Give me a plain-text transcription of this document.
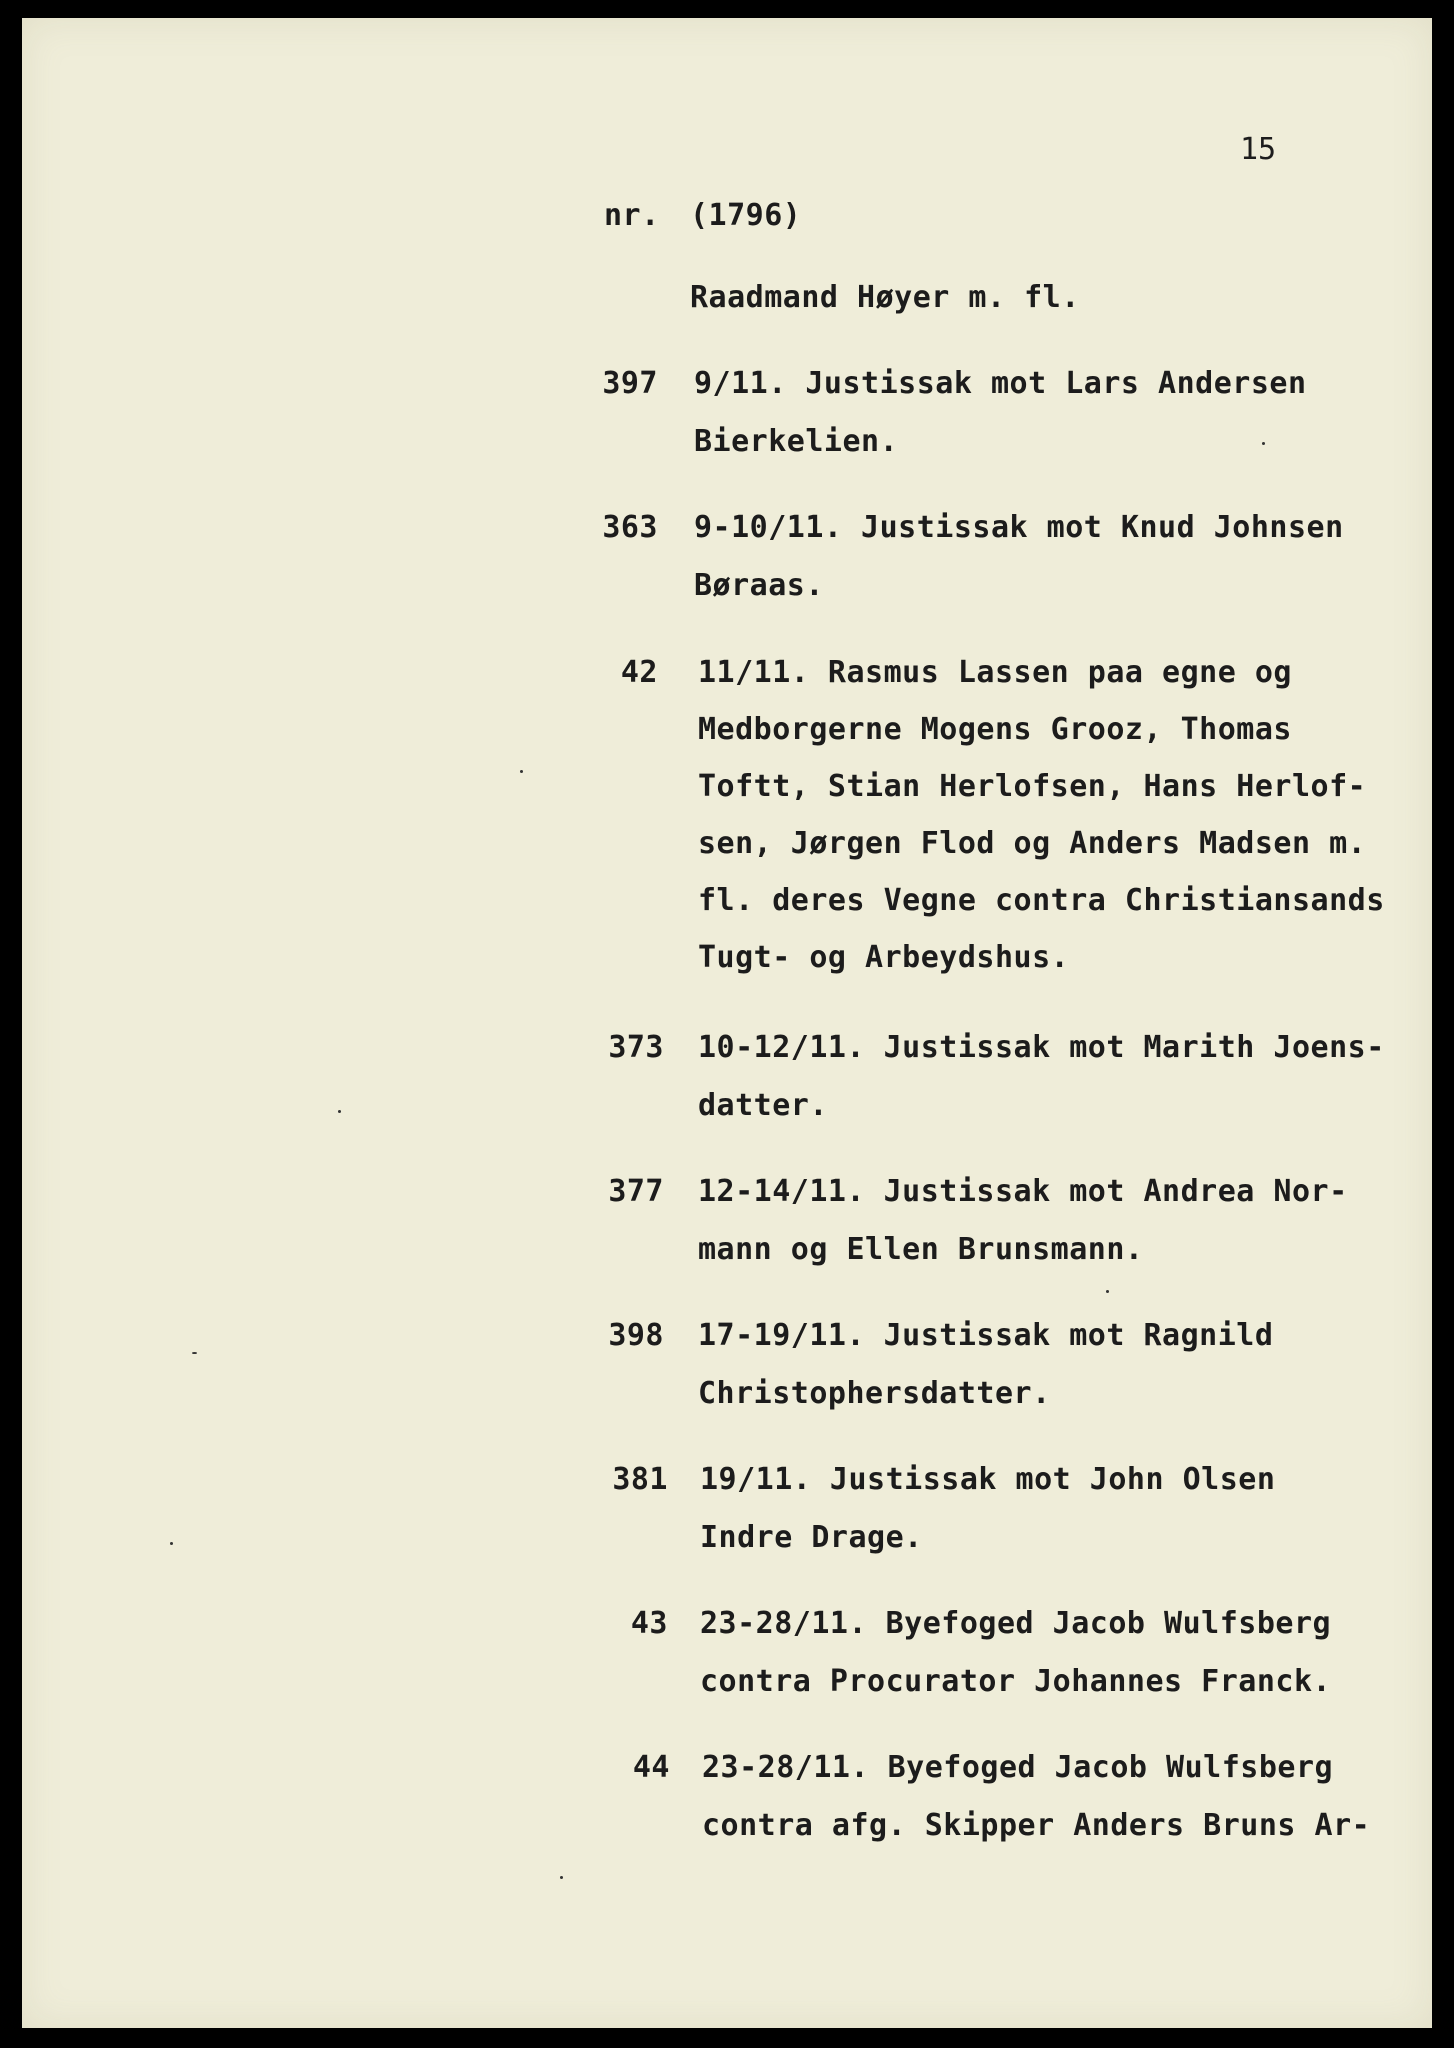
15
nr. (1796)
Raadmand Høyer m. fl.
397 9/11. Justissak mot Lars Andersen
Bierkelien.
363 9-10/11. Justissak mot Knud Johnsen
Børaas.
42 11/11. Rasmus Lassen paa egne og
Medborgerne Mogens Grooz, Thomas
Toftt, Stian Herlofsen, Hans Herlof-
sen, Jørgen Flod og Anders Madsen m.
fl. deres Vegne contra Christiansands
Tugt- og Arbeydshus.
373 10-12/11. Justissak mot Marith Joens-
datter.
377 12-14/11. Justissak mot Andrea Nor-
mann og Ellen Brunsmann.
398 17-19/11. Justissak mot Ragnild
Christophersdatter.
381 19/11. Justissak mot John Olsen
Indre Drage.
43 23-28/11. Byefoged Jacob Wulfsberg
contra Procurator Johannes Franck.
44 23-28/11. Byefoged Jacob Wulfsberg
contra afg. Skipper Anders Bruns Ar-
